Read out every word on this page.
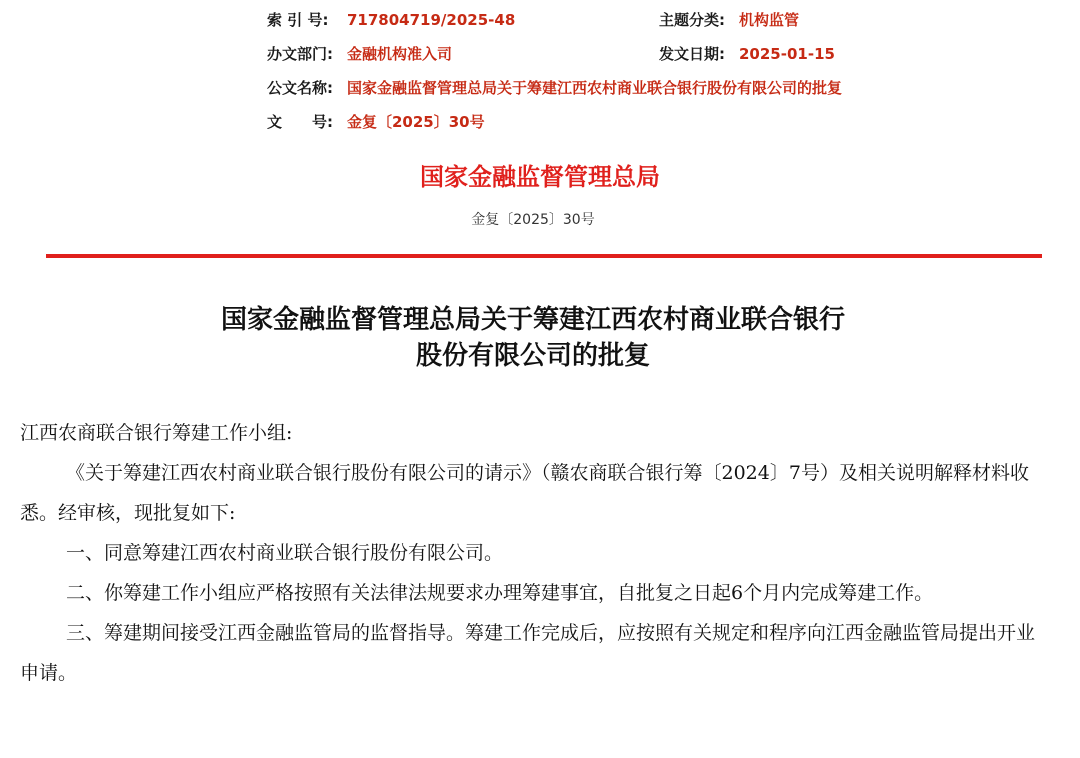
索 引 号: 717804719/2025-48	主题分类: 机构监管
办文部门: 金融机构准入司	发文日期: 2025-01-15
公文名称: 国家金融监督管理总局关于筹建江西农村商业联合银行股份有限公司的批复
文　　号: 金复〔2025〕30号
国家金融监督管理总局
金复〔2025〕30号
国家金融监督管理总局关于筹建江西农村商业联合银行
股份有限公司的批复

江西农商联合银行筹建工作小组:

《关于筹建江西农村商业联合银行股份有限公司的请示》（赣农商联合银行筹〔2024〕7号）及相关说明解释材料收悉。经审核，现批复如下:

一、同意筹建江西农村商业联合银行股份有限公司。

二、你筹建工作小组应严格按照有关法律法规要求办理筹建事宜，自批复之日起6个月内完成筹建工作。

三、筹建期间接受江西金融监管局的监督指导。筹建工作完成后，应按照有关规定和程序向江西金融监管局提出开业申请。
